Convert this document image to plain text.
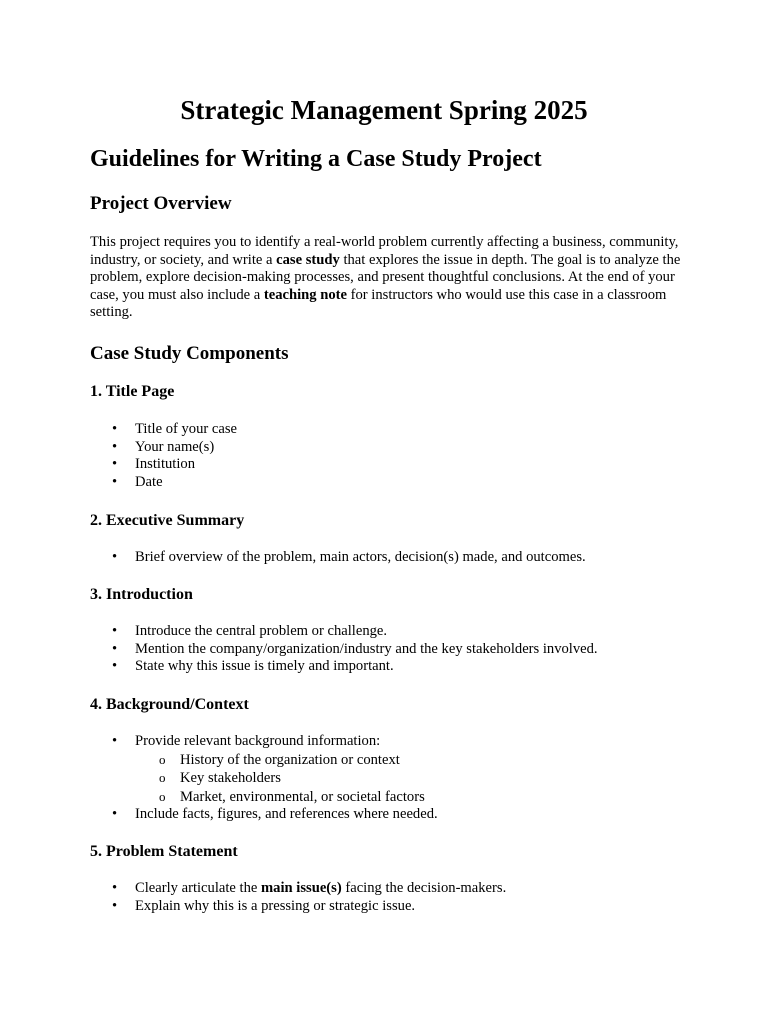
Strategic Management Spring 2025
Guidelines for Writing a Case Study Project
Project Overview

This project requires you to identify a real-world problem currently affecting a business, community, industry, or society, and write a case study that explores the issue in depth. The goal is to analyze the problem, explore decision-making processes, and present thoughtful conclusions. At the end of your case, you must also include a teaching note for instructors who would use this case in a classroom setting.

Case Study Components
1. Title Page
• Title of your case
• Your name(s)
• Institution
• Date
2. Executive Summary
• Brief overview of the problem, main actors, decision(s) made, and outcomes.
3. Introduction
• Introduce the central problem or challenge.
• Mention the company/organization/industry and the key stakeholders involved.
• State why this issue is timely and important.
4. Background/Context
• Provide relevant background information:
o History of the organization or context
o Key stakeholders
o Market, environmental, or societal factors
• Include facts, figures, and references where needed.
5. Problem Statement
• Clearly articulate the main issue(s) facing the decision-makers.
• Explain why this is a pressing or strategic issue.
